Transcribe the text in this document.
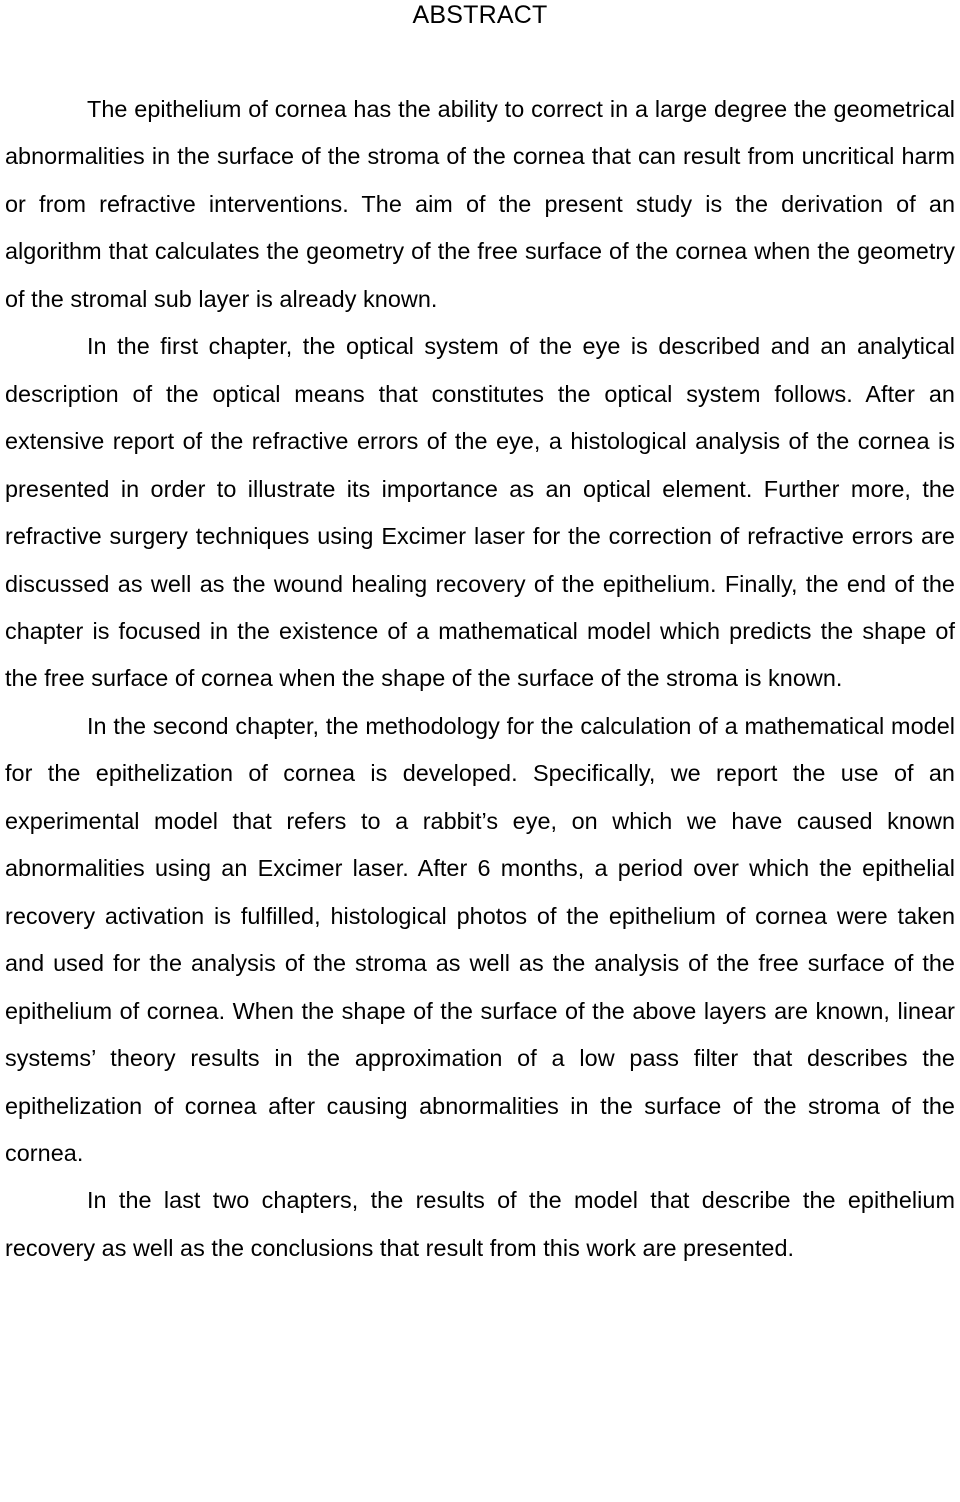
ABSTRACT

The epithelium of cornea has the ability to correct in a large degree the geometrical abnormalities in the surface of the stroma of the cornea that can result from uncritical harm or from refractive interventions. The aim of the present study is the derivation of an algorithm that calculates the geometry of the free surface of the cornea when the geometry of the stromal sub layer is already known.

In the first chapter, the optical system of the eye is described and an analytical description of the optical means that constitutes the optical system follows. After an extensive report of the refractive errors of the eye, a histological analysis of the cornea is presented in order to illustrate its importance as an optical element. Further more, the refractive surgery techniques using Excimer laser for the correction of refractive errors are discussed as well as the wound healing recovery of the epithelium. Finally, the end of the chapter is focused in the existence of a mathematical model which predicts the shape of the free surface of cornea when the shape of the surface of the stroma is known.

In the second chapter, the methodology for the calculation of a mathematical model for the epithelization of cornea is developed. Specifically, we report the use of an experimental model that refers to a rabbit’s eye, on which we have caused known abnormalities using an Excimer laser. After 6 months, a period over which the epithelial recovery activation is fulfilled, histological photos of the epithelium of cornea were taken and used for the analysis of the stroma as well as the analysis of the free surface of the epithelium of cornea. When the shape of the surface of the above layers are known, linear systems’ theory results in the approximation of a low pass filter that describes the epithelization of cornea after causing abnormalities in the surface of the stroma of the cornea.

In the last two chapters, the results of the model that describe the epithelium recovery as well as the conclusions that result from this work are presented.
